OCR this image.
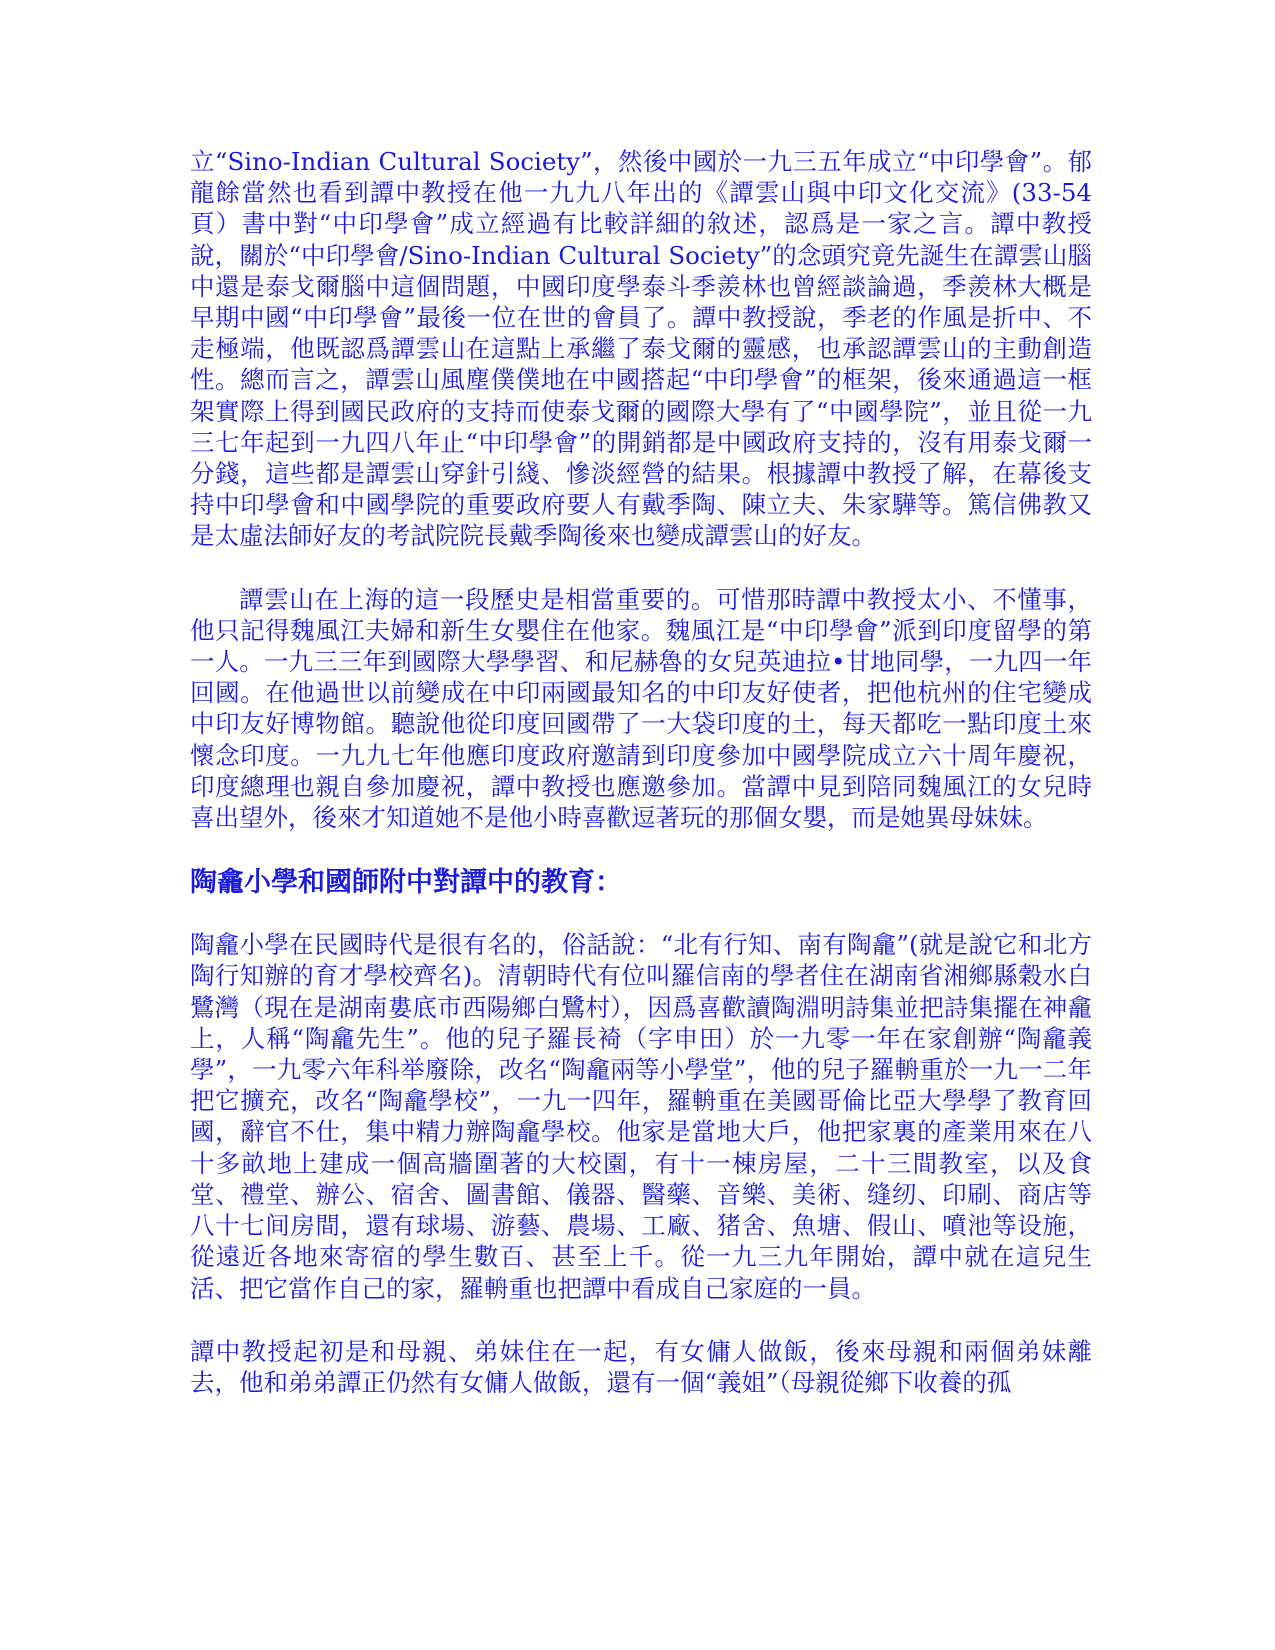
立“Sino-Indian Cultural Society”，然後中國於一九三五年成立“中印學會”。郁龍餘當然也看到譚中教授在他一九九八年出的《譚雲山與中印文化交流》(33-54 頁）書中對“中印學會”成立經過有比較詳細的敘述，認爲是一家之言。譚中教授說，關於“中印學會/Sino-Indian Cultural Society”的念頭究竟先誕生在譚雲山腦中還是泰戈爾腦中這個問題，中國印度學泰斗季羨林也曾經談論過，季羨林大概是早期中國“中印學會”最後一位在世的會員了。譚中教授說，季老的作風是折中、不走極端，他既認爲譚雲山在這點上承繼了泰戈爾的靈感，也承認譚雲山的主動創造性。總而言之，譚雲山風塵僕僕地在中國搭起“中印學會”的框架，後來通過這一框架實際上得到國民政府的支持而使泰戈爾的國際大學有了“中國學院”，並且從一九三七年起到一九四八年止“中印學會”的開銷都是中國政府支持的，沒有用泰戈爾一分錢，這些都是譚雲山穿針引綫、慘淡經營的結果。根據譚中教授了解，在幕後支持中印學會和中國學院的重要政府要人有戴季陶、陳立夫、朱家驊等。篤信佛教又是太虛法師好友的考試院院長戴季陶後來也變成譚雲山的好友。

譚雲山在上海的這一段歷史是相當重要的。可惜那時譚中教授太小、不懂事，他只記得魏風江夫婦和新生女嬰住在他家。魏風江是“中印學會”派到印度留學的第一人。一九三三年到國際大學學習、和尼赫魯的女兒英迪拉•甘地同學，一九四一年回國。在他過世以前變成在中印兩國最知名的中印友好使者，把他杭州的住宅變成中印友好博物館。聽說他從印度回國帶了一大袋印度的土，每天都吃一點印度土來懷念印度。一九九七年他應印度政府邀請到印度參加中國學院成立六十周年慶祝，印度總理也親自參加慶祝，譚中教授也應邀參加。當譚中見到陪同魏風江的女兒時喜出望外，後來才知道她不是他小時喜歡逗著玩的那個女嬰，而是她異母妹妹。

陶龕小學和國師附中對譚中的教育：

陶龕小學在民國時代是很有名的，俗話說：“北有行知、南有陶龕”(就是說它和北方陶行知辦的育才學校齊名)。清朝時代有位叫羅信南的學者住在湖南省湘鄉縣穀水白鷺灣（現在是湖南婁底市西陽鄉白鷺村），因爲喜歡讀陶淵明詩集並把詩集擺在神龕上，人稱“陶龕先生”。他的兒子羅長裿（字申田）於一九零一年在家創辦“陶龕義學”，一九零六年科举廢除，改名“陶龕兩等小學堂”，他的兒子羅輈重於一九一二年把它擴充，改名“陶龕學校”，一九一四年，羅輈重在美國哥倫比亞大學學了教育回國，辭官不仕，集中精力辦陶龕學校。他家是當地大戶，他把家裏的產業用來在八十多畝地上建成一個高牆圍著的大校園，有十一棟房屋，二十三間教室，以及食堂、禮堂、辦公、宿舍、圖書館、儀器、醫藥、音樂、美術、缝纫、印刷、商店等八十七间房間，還有球場、游藝、農場、工廠、猪舍、魚塘、假山、噴池等设施，從遠近各地來寄宿的學生數百、甚至上千。從一九三九年開始，譚中就在這兒生活、把它當作自己的家，羅輈重也把譚中看成自己家庭的一員。

譚中教授起初是和母親、弟妹住在一起，有女傭人做飯，後來母親和兩個弟妹離去，他和弟弟譚正仍然有女傭人做飯，還有一個“義姐”（母親從鄉下收養的孤
